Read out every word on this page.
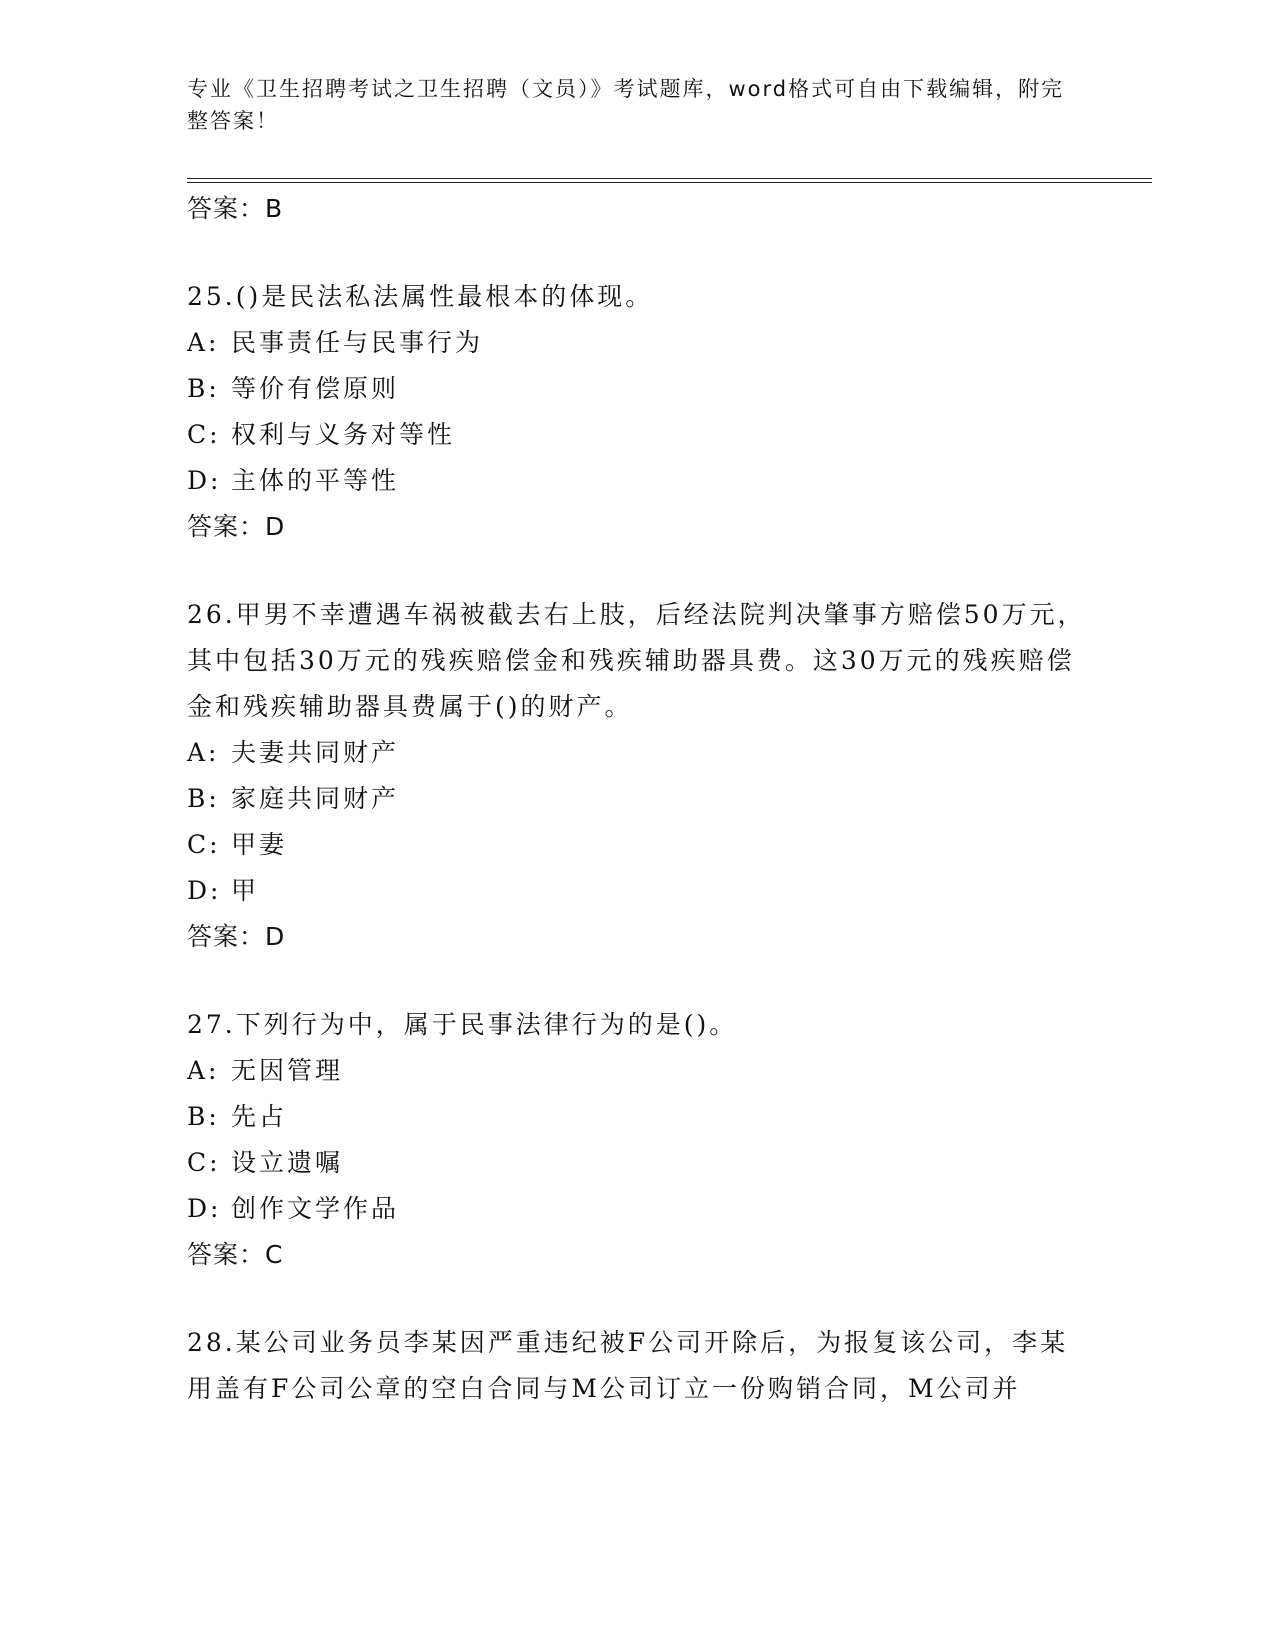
专业《卫生招聘考试之卫生招聘（文员）》考试题库，word格式可自由下载编辑，附完整答案！
答案：B
25.()是民法私法属性最根本的体现。
A: 民事责任与民事行为
B: 等价有偿原则
C: 权利与义务对等性
D: 主体的平等性
答案：D
26.甲男不幸遭遇车祸被截去右上肢，后经法院判决肇事方赔偿50万元，其中包括30万元的残疾赔偿金和残疾辅助器具费。这30万元的残疾赔偿金和残疾辅助器具费属于()的财产。
A: 夫妻共同财产
B: 家庭共同财产
C: 甲妻
D: 甲
答案：D
27.下列行为中，属于民事法律行为的是()。
A: 无因管理
B: 先占
C: 设立遗嘱
D: 创作文学作品
答案：C
28.某公司业务员李某因严重违纪被F公司开除后，为报复该公司，李某用盖有F公司公章的空白合同与M公司订立一份购销合同，M公司并
